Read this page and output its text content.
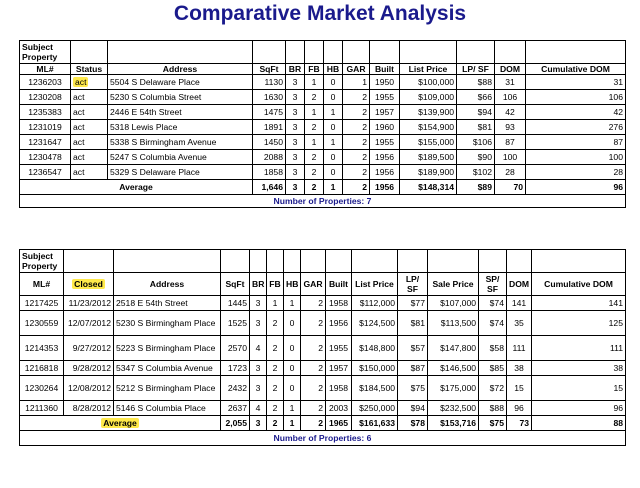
Comparative Market Analysis
Subject Property												
ML#	Status	Address	SqFt	BR	FB	HB	GAR	Built	List Price	LP/ SF	DOM	Cumulative DOM
1236203	act	5504 S Delaware Place	1130	3	1	0	1	1950	$100,000	$88	31	31
1230208	act	5230 S Columbia Street	1630	3	2	0	2	1955	$109,000	$66	106	106
1235383	act	2446 E 54th Street	1475	3	1	1	2	1957	$139,900	$94	42	42
1231019	act	5318 Lewis Place	1891	3	2	0	2	1960	$154,900	$81	93	276
1231647	act	5338 S Birmingham Avenue	1450	3	1	1	2	1955	$155,000	$106	87	87
1230478	act	5247 S Columbia Avenue	2088	3	2	0	2	1956	$189,500	$90	100	100
1236547	act	5329 S Delaware Place	1858	3	2	0	2	1956	$189,900	$102	28	28
Average			1,646	3	2	1	2	1956	$148,314	$89	70	96
Number of Properties: 7												
Subject Property														
ML#	Closed	Address	SqFt	BR	FB	HB	GAR	Built	List Price	LP/ SF	Sale Price	SP/ SF	DOM	Cumulative DOM
1217425	11/23/2012	2518 E 54th Street	1445	3	1	1	2	1958	$112,000	$77	$107,000	$74	141	141
1230559	12/07/2012	5230 S Birmingham Place	1525	3	2	0	2	1956	$124,500	$81	$113,500	$74	35	125
1214353	9/27/2012	5223 S Birmingham Place	2570	4	2	0	2	1955	$148,800	$57	$147,800	$58	111	111
1216818	9/28/2012	5347 S Columbia Avenue	1723	3	2	0	2	1957	$150,000	$87	$146,500	$85	38	38
1230264	12/08/2012	5212 S Birmingham Place	2432	3	2	0	2	1958	$184,500	$75	$175,000	$72	15	15
1211360	8/28/2012	5146 S Columbia Place	2637	4	2	1	2	2003	$250,000	$94	$232,500	$88	96	96
Average			2,055	3	2	1	2	1965	$161,633	$78	$153,716	$75	73	88
Number of Properties: 6														
